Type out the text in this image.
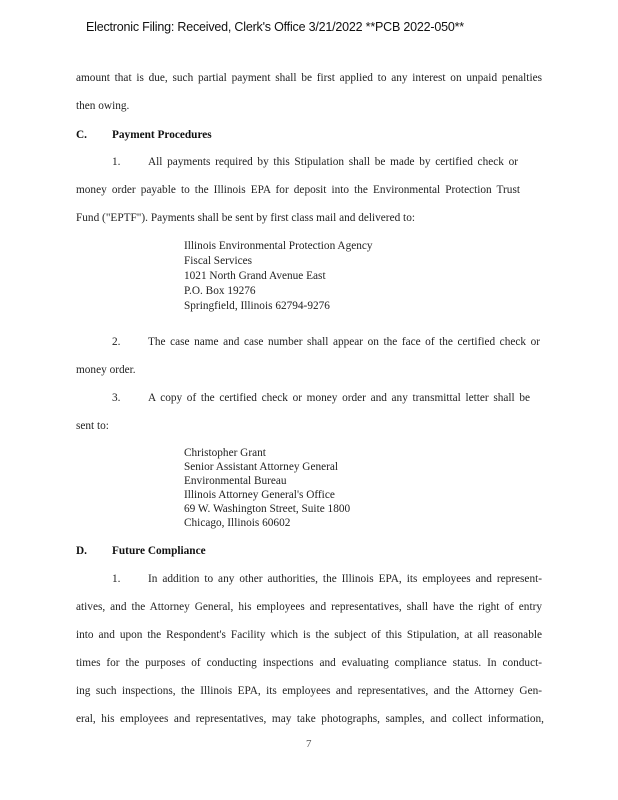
Electronic Filing: Received, Clerk's Office 3/21/2022 **PCB 2022-050**
amount that is due, such partial payment shall be first applied to any interest on unpaid penalties
then owing.
C. Payment Procedures
1. All payments required by this Stipulation shall be made by certified check or
money order payable to the Illinois EPA for deposit into the Environmental Protection Trust
Fund ("EPTF"). Payments shall be sent by first class mail and delivered to:
Illinois Environmental Protection Agency
Fiscal Services
1021 North Grand Avenue East
P.O. Box 19276
Springfield, Illinois 62794-9276
2. The case name and case number shall appear on the face of the certified check or
money order.
3. A copy of the certified check or money order and any transmittal letter shall be
sent to:
Christopher Grant
Senior Assistant Attorney General
Environmental Bureau
Illinois Attorney General's Office
69 W. Washington Street, Suite 1800
Chicago, Illinois 60602
D. Future Compliance
1. In addition to any other authorities, the Illinois EPA, its employees and represent-
atives, and the Attorney General, his employees and representatives, shall have the right of entry
into and upon the Respondent's Facility which is the subject of this Stipulation, at all reasonable
times for the purposes of conducting inspections and evaluating compliance status. In conduct-
ing such inspections, the Illinois EPA, its employees and representatives, and the Attorney Gen-
eral, his employees and representatives, may take photographs, samples, and collect information,
7
